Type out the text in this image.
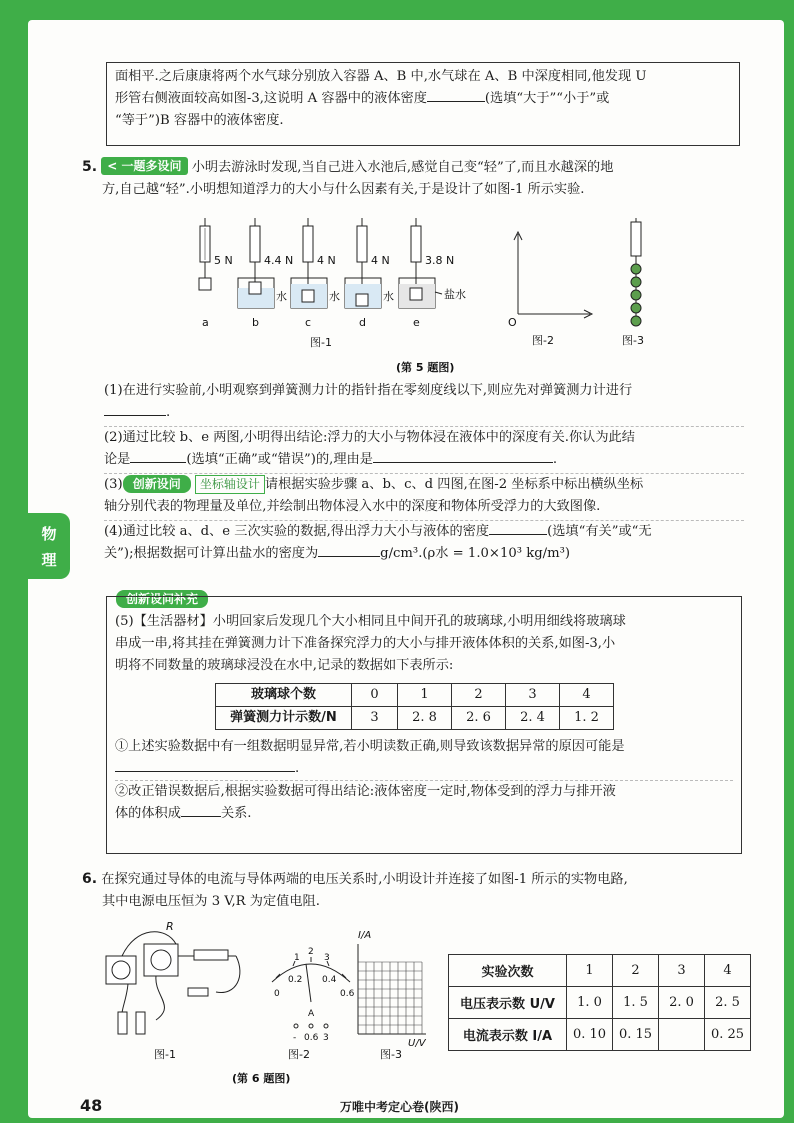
物
理
面相平.之后康康将两个水气球分别放入容器 A、B 中,水气球在 A、B 中深度相同,他发现 U
形管右侧液面较高如图-3,这说明 A 容器中的液体密度	(选填“大于”“小于”或
“等于”)B 容器中的液体密度.
5. < 一题多设问 小明去游泳时发现,当自己进入水池后,感觉自己变“轻”了,而且水越深的地
方,自己越“轻”.小明想知道浮力的大小与什么因素有关,于是设计了如图-1 所示实验.
5 N	4.4 N 4 N	4 N	3.8 N
水	水	水	盐水
a	b	c	d	e
图-1
O
图-2	图-3
(第 5 题图)
(1)在进行实验前,小明观察到弹簧测力计的指针指在零刻度线以下,则应先对弹簧测力计进行
.
(2)通过比较 b、e 两图,小明得出结论:浮力的大小与物体浸在液体中的深度有关.你认为此结
论是	(选填“正确”或“错误”)的,理由是	.
(3) 创新设问 坐标轴设计 请根据实验步骤 a、b、c、d 四图,在图-2 坐标系中标出横纵坐标
轴分别代表的物理量及单位,并绘制出物体浸入水中的深度和物体所受浮力的大致图像.
(4)通过比较 a、d、e 三次实验的数据,得出浮力大小与液体的密度	(选填“有关”或“无
关”);根据数据可计算出盐水的密度为	g/cm³.(ρ水 = 1.0×10³ kg/m³)
创新设问补充
(5)【生活器材】小明回家后发现几个大小相同且中间开孔的玻璃球,小明用细线将玻璃球
串成一串,将其挂在弹簧测力计下准备探究浮力的大小与排开液体体积的关系,如图-3,小
明将不同数量的玻璃球浸没在水中,记录的数据如下表所示:
玻璃球个数	0	1	2	3	4
弹簧测力计示数/N	3	2. 8	2. 6	2. 4	1. 2
①上述实验数据中有一组数据明显异常,若小明读数正确,则导致该数据异常的原因可能是
.
②改正错误数据后,根据实验数据可得出结论:液体密度一定时,物体受到的浮力与排开液
体的体积成	关系.
6. 在探究通过导体的电流与导体两端的电压关系时,小明设计并连接了如图-1 所示的实物电路,
其中电源电压恒为 3 V,R 为定值电阻.
R
0
0.2 0.4
0.6
1
2
3
A
- 0.6 3
I/A
U/V
图-1	图-2	图-3
(第 6 题图)
实验次数	1	2	3	4
电压表示数 U/V	1. 0	1. 5	2. 0	2. 5
电流表示数 I/A	0. 10	0. 15		0. 25
48	万唯中考定心卷(陕西)
